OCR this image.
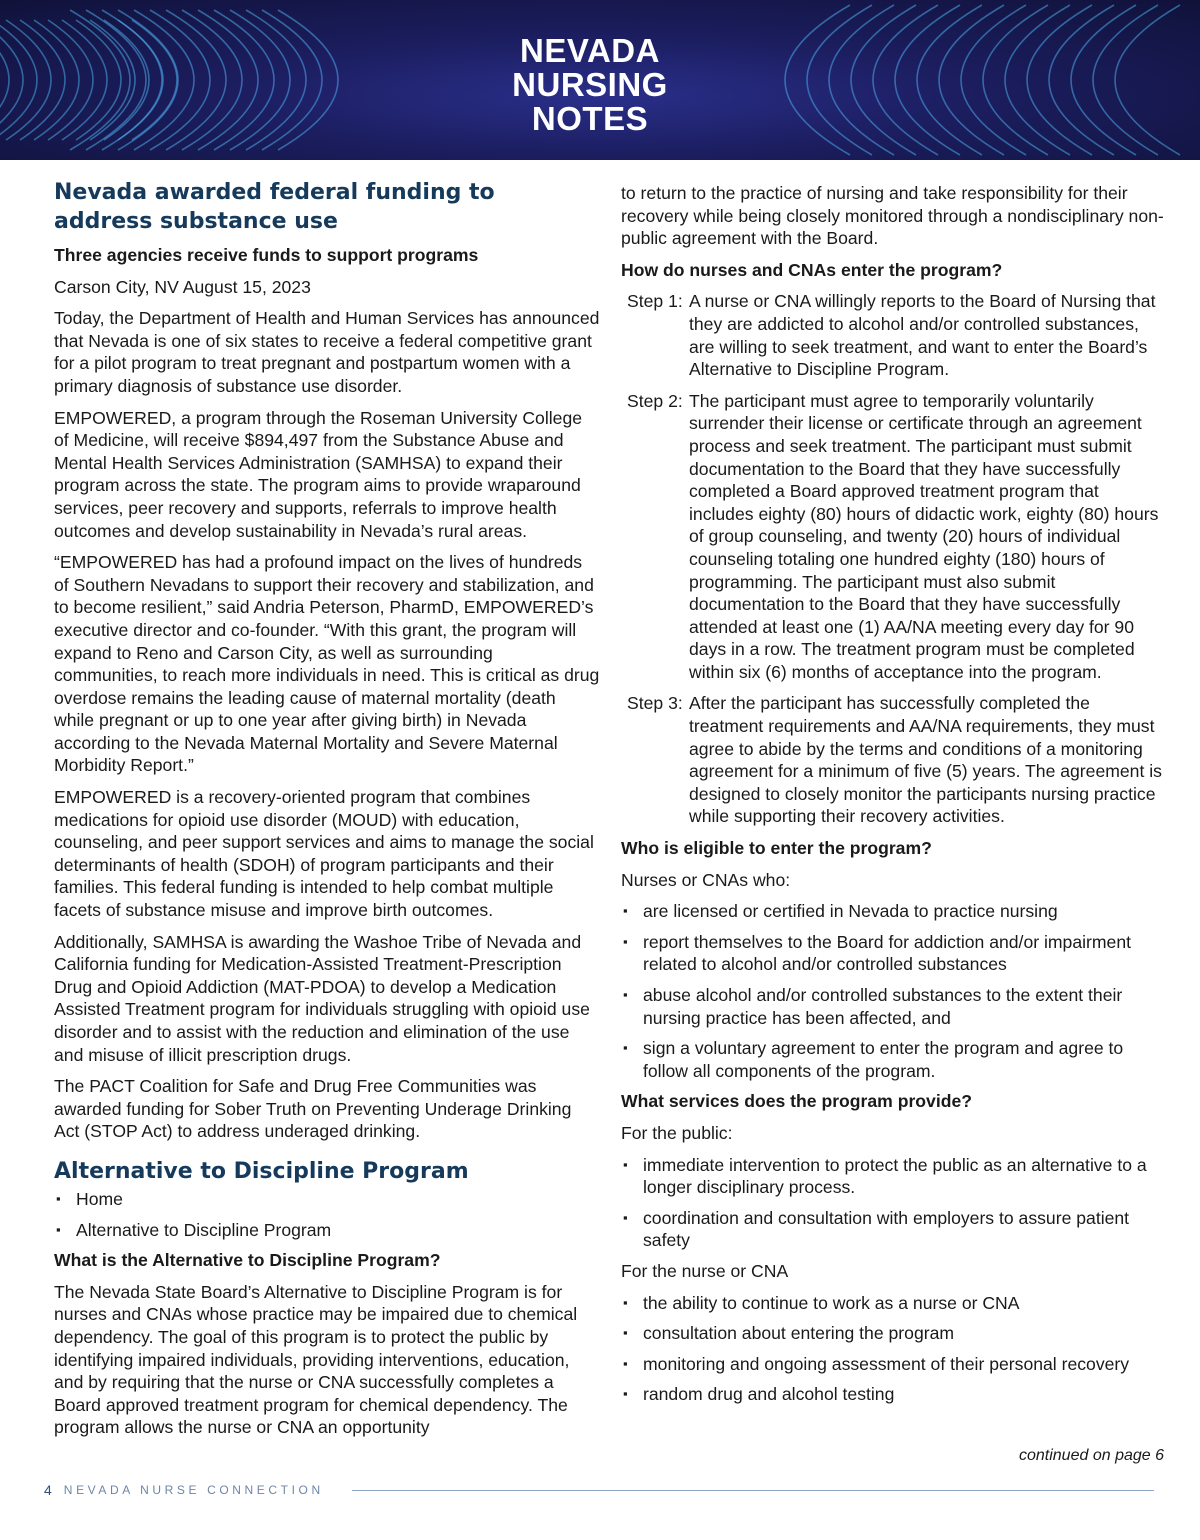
NEVADA
NURSING
NOTES
Nevada awarded federal funding to address substance use
Three agencies receive funds to support programs

Carson City, NV August 15, 2023

Today, the Department of Health and Human Services has announced that Nevada is one of six states to receive a federal competitive grant for a pilot program to treat pregnant and postpartum women with a primary diagnosis of substance use disorder.

EMPOWERED, a program through the Roseman University College of Medicine, will receive $894,497 from the Substance Abuse and Mental Health Services Administration (SAMHSA) to expand their program across the state. The program aims to provide wraparound services, peer recovery and supports, referrals to improve health outcomes and develop sustainability in Nevada’s rural areas.

“EMPOWERED has had a profound impact on the lives of hundreds of Southern Nevadans to support their recovery and stabilization, and to become resilient,” said Andria Peterson, PharmD, EMPOWERED’s executive director and co-founder. “With this grant, the program will expand to Reno and Carson City, as well as surrounding communities, to reach more individuals in need. This is critical as drug overdose remains the leading cause of maternal mortality (death while pregnant or up to one year after giving birth) in Nevada according to the Nevada Maternal Mortality and Severe Maternal Morbidity Report.”

EMPOWERED is a recovery-oriented program that combines medications for opioid use disorder (MOUD) with education, counseling, and peer support services and aims to manage the social determinants of health (SDOH) of program participants and their families. This federal funding is intended to help combat multiple facets of substance misuse and improve birth outcomes.

Additionally, SAMHSA is awarding the Washoe Tribe of Nevada and California funding for Medication-Assisted Treatment-Prescription Drug and Opioid Addiction (MAT-PDOA) to develop a Medication Assisted Treatment program for individuals struggling with opioid use disorder and to assist with the reduction and elimination of the use and misuse of illicit prescription drugs.

The PACT Coalition for Safe and Drug Free Communities was awarded funding for Sober Truth on Preventing Underage Drinking Act (STOP Act) to address underaged drinking.

Alternative to Discipline Program
▪ Home
▪ Alternative to Discipline Program
What is the Alternative to Discipline Program?

The Nevada State Board’s Alternative to Discipline Program is for nurses and CNAs whose practice may be impaired due to chemical dependency. The goal of this program is to protect the public by identifying impaired individuals, providing interventions, education, and by requiring that the nurse or CNA successfully completes a Board approved treatment program for chemical dependency. The program allows the nurse or CNA an opportunity

to return to the practice of nursing and take responsibility for their recovery while being closely monitored through a nondisciplinary non-public agreement with the Board.

How do nurses and CNAs enter the program?
Step 1: A nurse or CNA willingly reports to the Board of Nursing that they are addicted to alcohol and/or controlled substances, are willing to seek treatment, and want to enter the Board’s Alternative to Discipline Program.
Step 2: The participant must agree to temporarily voluntarily surrender their license or certificate through an agreement process and seek treatment. The participant must submit documentation to the Board that they have successfully completed a Board approved treatment program that includes eighty (80) hours of didactic work, eighty (80) hours of group counseling, and twenty (20) hours of individual counseling totaling one hundred eighty (180) hours of programming. The participant must also submit documentation to the Board that they have successfully attended at least one (1) AA/NA meeting every day for 90 days in a row. The treatment program must be completed within six (6) months of acceptance into the program.
Step 3: After the participant has successfully completed the treatment requirements and AA/NA requirements, they must agree to abide by the terms and conditions of a monitoring agreement for a minimum of five (5) years. The agreement is designed to closely monitor the participants nursing practice while supporting their recovery activities.
Who is eligible to enter the program?

Nurses or CNAs who:

▪ are licensed or certified in Nevada to practice nursing
▪ report themselves to the Board for addiction and/or impairment related to alcohol and/or controlled substances
▪ abuse alcohol and/or controlled substances to the extent their nursing practice has been affected, and
▪ sign a voluntary agreement to enter the program and agree to follow all components of the program.
What services does the program provide?

For the public:

▪ immediate intervention to protect the public as an alternative to a longer disciplinary process.
▪ coordination and consultation with employers to assure patient safety

For the nurse or CNA

▪ the ability to continue to work as a nurse or CNA
▪ consultation about entering the program
▪ monitoring and ongoing assessment of their personal recovery
▪ random drug and alcohol testing
continued on page 6
4 NEVADA NURSE CONNECTION
